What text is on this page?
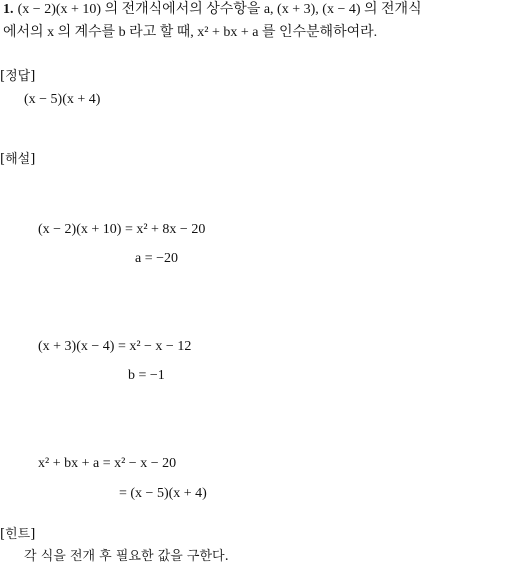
1. (x − 2)(x + 10) 의 전개식에서의 상수항을 a, (x + 3), (x − 4) 의 전개식
에서의 x 의 계수를 b 라고 할 때, x² + bx + a 를 인수분해하여라.
[정답]
(x − 5)(x + 4)
[해설]
(x − 2)(x + 10) = x² + 8x − 20
a = −20
(x + 3)(x − 4) = x² − x − 12
b = −1
x² + bx + a = x² − x − 20
= (x − 5)(x + 4)
[힌트]
각 식을 전개 후 필요한 값을 구한다.
